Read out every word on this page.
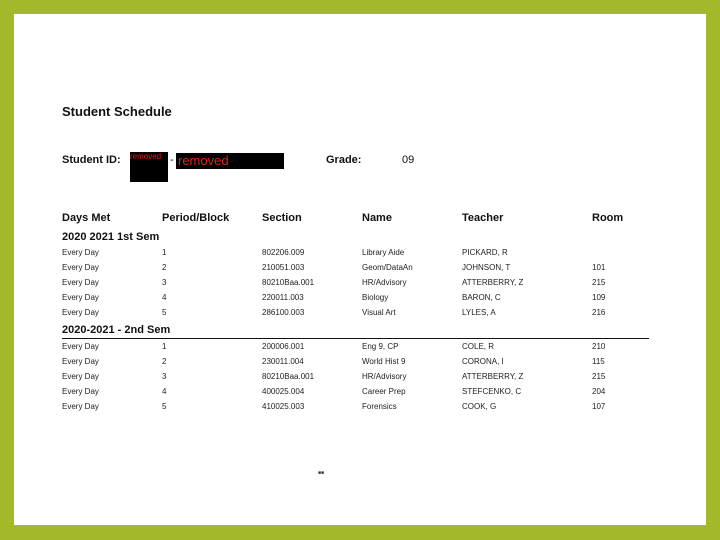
Student Schedule
Student ID: removed - removed	Grade:	09
Days Met	Period/Block	Section	Name	Teacher	Room
2020 2021 1st Sem
Every Day	1	802206.009	Library Aide	PICKARD, R
Every Day	2	210051.003	Geom/DataAn	JOHNSON, T	101
Every Day	3	80210Baa.001	HR/Advisory	ATTERBERRY, Z	215
Every Day	4	220011.003	Biology	BARON, C	109
Every Day	5	286100.003	Visual Art	LYLES, A	216
2020-2021 - 2nd Sem
Every Day	1	200006.001	Eng 9, CP	COLE, R	210
Every Day	2	230011.004	World Hist 9	CORONA, I	115
Every Day	3	80210Baa.001	HR/Advisory	ATTERBERRY, Z	215
Every Day	4	400025.004	Career Prep	STEFCENKO, C	204
Every Day	5	410025.003	Forensics	COOK, G	107
■■
